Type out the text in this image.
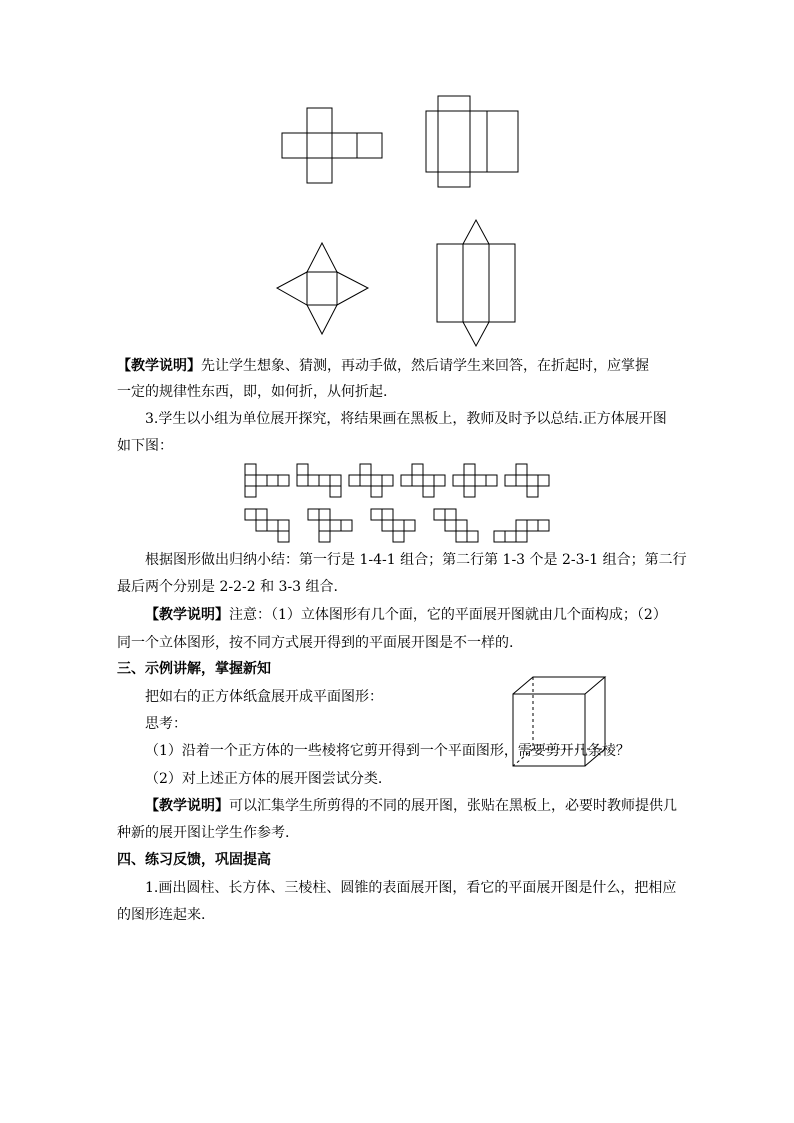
【教学说明】先让学生想象、猜测，再动手做，然后请学生来回答，在折起时，应掌握

一定的规律性东西，即，如何折，从何折起.

3.学生以小组为单位展开探究，将结果画在黑板上，教师及时予以总结.正方体展开图

如下图：

根据图形做出归纳小结：第一行是 1-4-1 组合；第二行第 1-3 个是 2-3-1 组合；第二行

最后两个分别是 2-2-2 和 3-3 组合.

【教学说明】注意：（1）立体图形有几个面，它的平面展开图就由几个面构成；（2）

同一个立体图形，按不同方式展开得到的平面展开图是不一样的.

三、示例讲解，掌握新知

把如右的正方体纸盒展开成平面图形：

思考：

（1）沿着一个正方体的一些棱将它剪开得到一个平面图形，需要剪开几条棱？

（2）对上述正方体的展开图尝试分类.

【教学说明】可以汇集学生所剪得的不同的展开图，张贴在黑板上，必要时教师提供几

种新的展开图让学生作参考.

四、练习反馈，巩固提高

1.画出圆柱、长方体、三棱柱、圆锥的表面展开图，看它的平面展开图是什么，把相应

的图形连起来.
